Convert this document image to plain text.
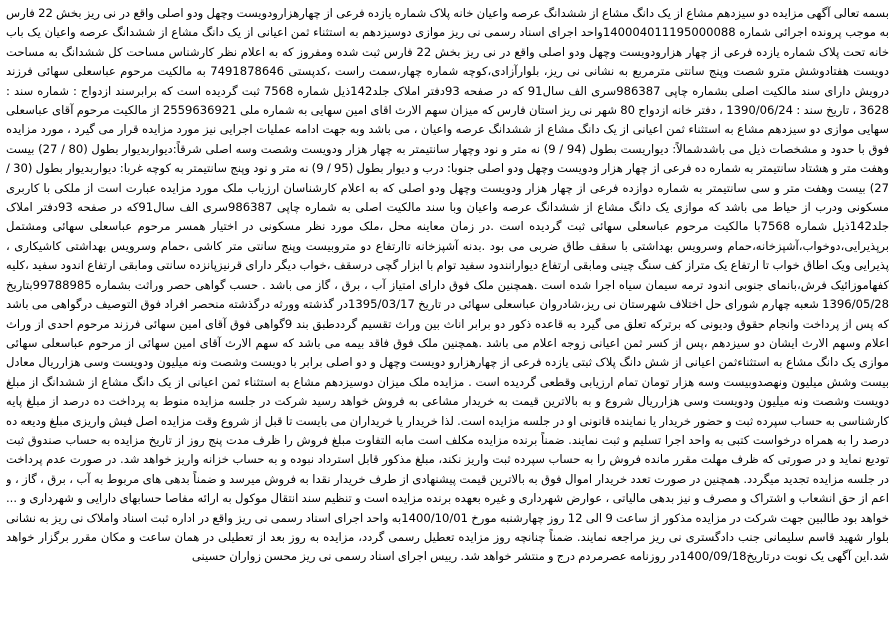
بسمه تعالی آگهی مزایده دو سیزدهم مشاع از یک دانگ مشاع از ششدانگ عرصه واعیان خانه پلاک شماره یازده فرعی از چهارهزارودویست وچهل ودو اصلی واقع در نی ریز بخش 22 فارس به موجب پرونده اجرائی شماره 140004011195000088واحد اجرای اسناد رسمی نی ریز موازی دوسیزدهم به استثناء ثمن اعیانی از یک دانگ مشاع از ششدانگ عرصه واعیان یک باب خانه تحت پلاک شماره یازده فرعی از چهار هزارودویست وچهل ودو اصلی واقع در نی ریز بخش 22 فارس ثبت شده ومفروز که به اعلام نظر کارشناس مساحت کل ششدانگ به مساحت دویست هفتادوشش مترو شصت وپنج سانتی مترمربع به نشانی نی ریز، بلوارآزادی،کوچه شماره چهار،سمت راست ،کدپستی 7491878646 به مالکیت مرحوم عباسعلی سهائی فرزند درویش دارای سند مالکیت اصلی بشماره چاپی 986387سری الف سال91 که در صفحه 93دفتر املاک جلد142ذیل شماره 7568 ثبت گردیده است که برابرسند ازدواج : شماره سند : 3628 ، تاریخ سند : 1390/06/24 ، دفتر خانه ازدواج 80 شهر نی ریز استان فارس که میزان سهم الارث اقای امین سهایی به شماره ملی 2559636921 از مالکیت مرحوم آقای عباسعلی سهایی موازی دو سیزدهم مشاع به استثناء ثمن اعیانی از یک دانگ مشاع از ششدانگ عرصه واعیان ، می باشد وبه جهت ادامه عملیات اجرایی نیز مورد مزایده قرار می گیرد ، مورد مزایده فوق با حدود و مشخصات ذیل می باشدشمالاً: دیواریست بطول (94 / 9) نه متر و نود وچهار سانتیمتر به چهار هزار ودویست وشصت وسه اصلی شرقاً:دیواربدیوار بطول (80 / 27) بیست وهفت متر و هشتاد سانتیمتر به شماره ده فرعی از چهار هزار ودویست وچهل ودو اصلی جنوبا: درب و دیوار بطول (95 / 9) نه متر و نود وپنج سانتیمتر به کوچه غربا: دیواربدیوار بطول (30 / 27) بیست وهفت متر و سی سانتیمتر به شماره دوازده فرعی از چهار هزار ودویست وچهل ودو اصلی که به اعلام کارشناسان ارزیاب ملک مورد مزایده عبارت است از ملکی با کاربری مسکونی ودرب از حیاط می باشد که موازی یک دانگ مشاع از ششدانگ عرصه واعیان وبا سند مالکیت اصلی به شماره چاپی 986387سری الف سال91که در صفحه 93دفتر املاک جلد142ذیل شماره 7568با مالکیت مرحوم عباسعلی سهائی ثبت گردیده است .در زمان معاینه محل ،ملک مورد نظر مسکونی در اختیار همسر مرحوم عباسعلی سهائی ومشتمل برپذیرایی،دوخواب،آشپزخانه،حمام وسرویس بهداشتی با سقف طاق ضربی می بود .بدنه آشپزخانه تاارتفاع دو متروبیست وپنج سانتی متر کاشی ،حمام وسرویس بهداشتی کاشیکاری ، پذیرایی ویک اطاق خواب تا ارتفاع یک متراز کف سنگ چینی ومابقی ارتفاع دیوارانندود سفید توام با ابزار گچی درسقف ،خواب دیگر دارای قرنیزپانزده سانتی ومابقی ارتفاع اندود سفید ،کلیه کفهاموزائیک فرش،بانمای جنوبی اندود ترمه سیمان سیاه اجرا شده است .همچنین ملک فوق دارای امتیاز آب ، برق ، گاز می باشد . حسب گواهی حصر وراثت بشماره 99788985بتاریخ 1396/05/28 شعبه چهارم شورای حل اختلاف شهرستان نی ریز،شادروان عباسعلی سهائی در تاریخ 1395/03/17در گذشته وورثه درگذشته منحصر افراد فوق التوصیف درگواهی می باشد که پس از پرداخت وانجام حقوق ودیونی که برترکه تعلق می گیرد به قاعده ذکور دو برابر اناث بین وراث تقسیم گرددطبق بند 9گواهی فوق آقای امین سهائی فرزند مرحوم احدی از وراث اعلام وسهم الارث ایشان دو سیزدهم ،پس از کسر ثمن اعیانی زوجه اعلام می باشد .همچنین ملک فوق فاقد بیمه می باشد که سهم الارث آقای امین سهائی از مرحوم عباسعلی سهائی موازی یک دانگ مشاع به استثناءثمن اعیانی از شش دانگ پلاک ثبتی یازده فرعی از چهارهزارو دویست وچهل و دو اصلی برابر با دویست وشصت ونه میلیون ودویست وسی هزارریال معادل بیست وشش میلیون ونهصدوبیست وسه هزار تومان تمام ارزیابی وقطعی گردیده است . مزایده ملک میزان دوسیزدهم مشاع به استثناء ثمن اعیانی از یک دانگ مشاع از ششدانگ از مبلغ دویست وشصت ونه میلیون ودویست وسی هزارریال شروع و به بالاترین قیمت به خریدار مشاعی به فروش خواهد رسید شرکت در جلسه مزایده منوط به پرداخت ده درصد از مبلغ پایه کارشناسی به حساب سپرده ثبت و حضور خریدار یا نماینده قانونی او در جلسه مزایده است. لذا خریدار یا خریداران می بایست تا قبل از شروع وقت مزایده اصل فیش واریزی مبلغ ودیعه ده درصد را به همراه درخواست کتبی به واحد اجرا تسلیم و ثبت نمایند. ضمناً برنده مزایده مکلف است مابه التفاوت مبلغ فروش را ظرف مدت پنج روز از تاریخ مزایده به حساب صندوق ثبت تودیع نماید و در صورتی که ظرف مهلت مقرر مانده فروش را به حساب سپرده ثبت واریز نکند، مبلغ مذکور قابل استرداد نبوده و به حساب خزانه واریز خواهد شد. در صورت عدم پرداخت در جلسه مزایده تجدید میگردد. همچنین در صورت تعدد خریدار اموال فوق به بالاترین قیمت پیشنهادی از طرف خریدار نقدا به فروش میرسد و ضمناً بدهی های مربوط به آب ، برق ، گاز ، و اعم از حق انشعاب و اشتراک و مصرف و نیز بدهی مالیاتی ، عوارض شهرداری و غیره بعهده برنده مزایده است و تنظیم سند انتقال موکول به ارائه مفاصا حسابهای دارایی و شهرداری و ... خواهد بود طالبین جهت شرکت در مزایده مذکور از ساعت 9 الی 12 روز چهارشنبه مورخ 1400/10/01به واحد اجرای اسناد رسمی نی ریز واقع در اداره ثبت اسناد واملاک نی ریز به نشانی بلوار شهید قاسم سلیمانی جنب دادگستری نی ریز مراجعه نمایند. ضمناً چنانچه روز مزایده تعطیل رسمی گردد، مزایده به روز بعد از تعطیلی در همان ساعت و مکان مقرر برگزار خواهد شد.این آگهی یک نوبت درتاریخ1400/09/18در روزنامه عصرمردم درج و منتشر خواهد شد. رییس اجرای اسناد رسمی نی ریز محسن زواران حسینی
